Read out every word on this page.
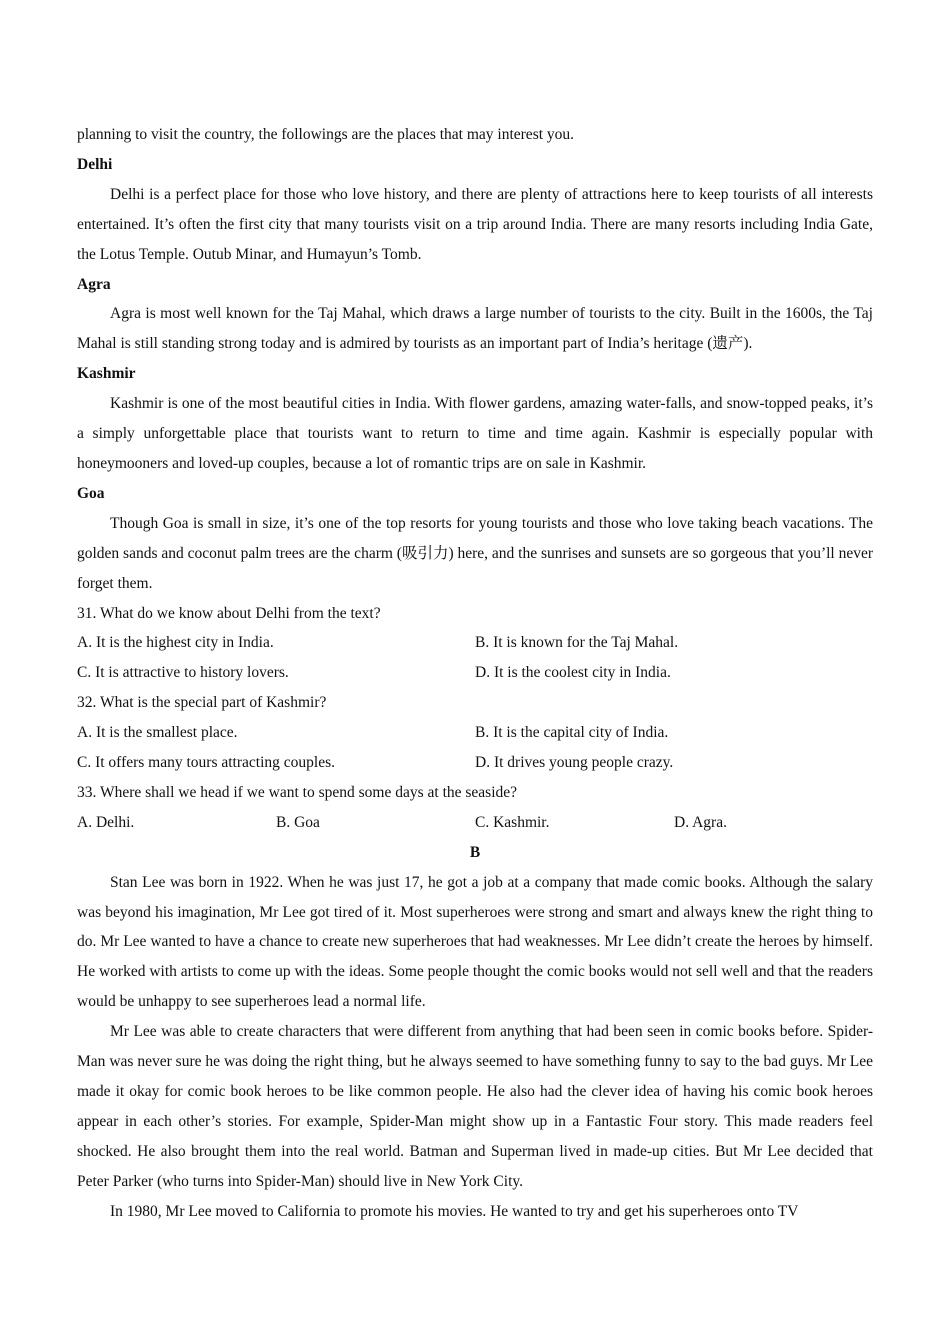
planning to visit the country, the followings are the places that may interest you.

Delhi

Delhi is a perfect place for those who love history, and there are plenty of attractions here to keep tourists of all interests entertained. It’s often the first city that many tourists visit on a trip around India. There are many resorts including India Gate, the Lotus Temple. Outub Minar, and Humayun’s Tomb.

Agra

Agra is most well known for the Taj Mahal, which draws a large number of tourists to the city. Built in the 1600s, the Taj Mahal is still standing strong today and is admired by tourists as an important part of India’s heritage (遗产).

Kashmir

Kashmir is one of the most beautiful cities in India. With flower gardens, amazing water-falls, and snow-topped peaks, it’s a simply unforgettable place that tourists want to return to time and time again. Kashmir is especially popular with honeymooners and loved-up couples, because a lot of romantic trips are on sale in Kashmir.

Goa

Though Goa is small in size, it’s one of the top resorts for young tourists and those who love taking beach vacations. The golden sands and coconut palm trees are the charm (吸引力) here, and the sunrises and sunsets are so gorgeous that you’ll never forget them.

31. What do we know about Delhi from the text?

A. It is the highest city in India.	B. It is known for the Taj Mahal.
C. It is attractive to history lovers.	D. It is the coolest city in India.

32. What is the special part of Kashmir?

A. It is the smallest place.	B. It is the capital city of India.
C. It offers many tours attracting couples.	D. It drives young people crazy.

33. Where shall we head if we want to spend some days at the seaside?

A. Delhi.	B. Goa	C. Kashmir.	D. Agra.

B

Stan Lee was born in 1922. When he was just 17, he got a job at a company that made comic books. Although the salary was beyond his imagination, Mr Lee got tired of it. Most superheroes were strong and smart and always knew the right thing to do. Mr Lee wanted to have a chance to create new superheroes that had weaknesses. Mr Lee didn’t create the heroes by himself. He worked with artists to come up with the ideas. Some people thought the comic books would not sell well and that the readers would be unhappy to see superheroes lead a normal life.

Mr Lee was able to create characters that were different from anything that had been seen in comic books before. Spider-Man was never sure he was doing the right thing, but he always seemed to have something funny to say to the bad guys. Mr Lee made it okay for comic book heroes to be like common people. He also had the clever idea of having his comic book heroes appear in each other’s stories. For example, Spider-Man might show up in a Fantastic Four story. This made readers feel shocked. He also brought them into the real world. Batman and Superman lived in made-up cities. But Mr Lee decided that Peter Parker (who turns into Spider-Man) should live in New York City.

In 1980, Mr Lee moved to California to promote his movies. He wanted to try and get his superheroes onto TV
